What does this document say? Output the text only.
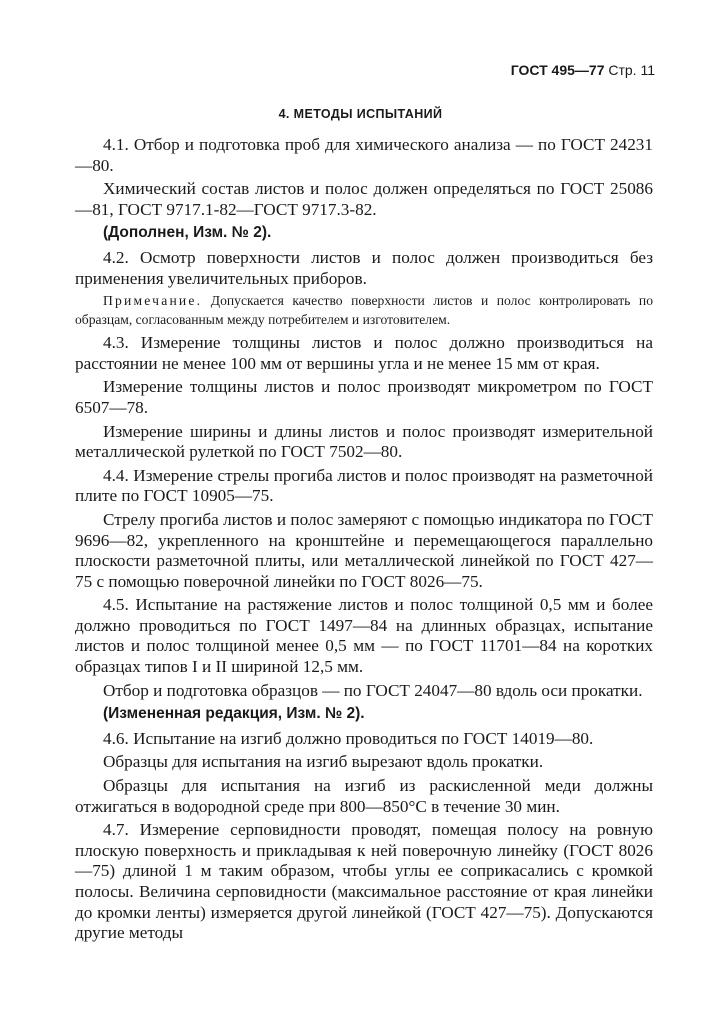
ГОСТ 495—77 Стр. 11
4. МЕТОДЫ ИСПЫТАНИЙ

4.1. Отбор и подготовка проб для химического анализа — по ГОСТ 24231—80.

Химический состав листов и полос должен определяться по ГОСТ 25086—81, ГОСТ 9717.1-82—ГОСТ 9717.3-82.

(Дополнен, Изм. № 2).

4.2. Осмотр поверхности листов и полос должен производиться без применения увеличительных приборов.

Примечание. Допускается качество поверхности листов и полос контролировать по образцам, согласованным между потребителем и изготовителем.

4.3. Измерение толщины листов и полос должно производиться на расстоянии не менее 100 мм от вершины угла и не менее 15 мм от края.

Измерение толщины листов и полос производят микрометром по ГОСТ 6507—78.

Измерение ширины и длины листов и полос производят измерительной металлической рулеткой по ГОСТ 7502—80.

4.4. Измерение стрелы прогиба листов и полос производят на разметочной плите по ГОСТ 10905—75.

Стрелу прогиба листов и полос замеряют с помощью индикатора по ГОСТ 9696—82, укрепленного на кронштейне и перемещающегося параллельно плоскости разметочной плиты, или металлической линейкой по ГОСТ 427—75 с помощью поверочной линейки по ГОСТ 8026—75.

4.5. Испытание на растяжение листов и полос толщиной 0,5 мм и более должно проводиться по ГОСТ 1497—84 на длинных образцах, испытание листов и полос толщиной менее 0,5 мм — по ГОСТ 11701—84 на коротких образцах типов I и II шириной 12,5 мм.

Отбор и подготовка образцов — по ГОСТ 24047—80 вдоль оси прокатки.

(Измененная редакция, Изм. № 2).

4.6. Испытание на изгиб должно проводиться по ГОСТ 14019—80.

Образцы для испытания на изгиб вырезают вдоль прокатки.

Образцы для испытания на изгиб из раскисленной меди должны отжигаться в водородной среде при 800—850°С в течение 30 мин.

4.7. Измерение серповидности проводят, помещая полосу на ровную плоскую поверхность и прикладывая к ней поверочную линейку (ГОСТ 8026—75) длиной 1 м таким образом, чтобы углы ее соприкасались с кромкой полосы. Величина серповидности (максимальное расстояние от края линейки до кромки ленты) измеряется другой линейкой (ГОСТ 427—75). Допускаются другие методы
